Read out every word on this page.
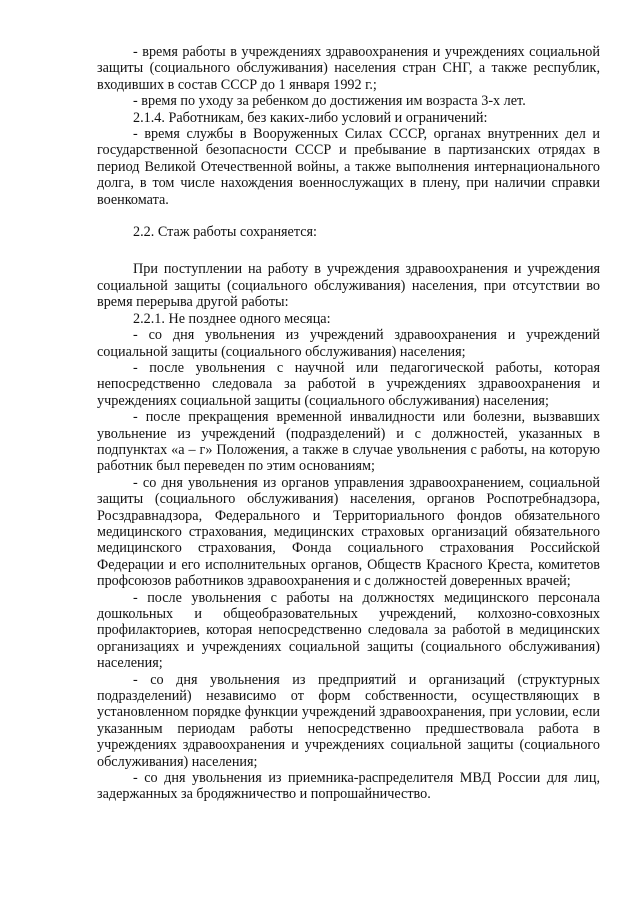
- время работы в учреждениях здравоохранения и учреждениях социальной защиты (социального обслуживания) населения стран СНГ, а также республик, входивших в состав СССР до 1 января 1992 г.;

- время по уходу за ребенком до достижения им возраста 3-х лет.

2.1.4. Работникам, без каких-либо условий и ограничений:

- время службы в Вооруженных Силах СССР, органах внутренних дел и государственной безопасности СССР и пребывание в партизанских отрядах в период Великой Отечественной войны, а также выполнения интернационального долга, в том числе нахождения военнослужащих в плену, при наличии справки военкомата.

2.2. Стаж работы сохраняется:

При поступлении на работу в учреждения здравоохранения и учреждения социальной защиты (социального обслуживания) населения, при отсутствии во время перерыва другой работы:

2.2.1. Не позднее одного месяца:

- со дня увольнения из учреждений здравоохранения и учреждений социальной защиты (социального обслуживания) населения;

- после увольнения с научной или педагогической работы, которая непосредственно следовала за работой в учреждениях здравоохранения и учреждениях социальной защиты (социального обслуживания) населения;

- после прекращения временной инвалидности или болезни, вызвавших увольнение из учреждений (подразделений) и с должностей, указанных в подпунктах «а – г» Положения, а также в случае увольнения с работы, на которую работник был переведен по этим основаниям;

- со дня увольнения из органов управления здравоохранением, социальной защиты (социального обслуживания) населения, органов Роспотребнадзора, Росздравнадзора, Федерального и Территориального фондов обязательного медицинского страхования, медицинских страховых организаций обязательного медицинского страхования, Фонда социального страхования Российской Федерации и его исполнительных органов, Обществ Красного Креста, комитетов профсоюзов работников здравоохранения и с должностей доверенных врачей;

- после увольнения с работы на должностях медицинского персонала дошкольных и общеобразовательных учреждений, колхозно-совхозных профилакториев, которая непосредственно следовала за работой в медицинских организациях и учреждениях социальной защиты (социального обслуживания) населения;

- со дня увольнения из предприятий и организаций (структурных подразделений) независимо от форм собственности, осуществляющих в установленном порядке функции учреждений здравоохранения, при условии, если указанным периодам работы непосредственно предшествовала работа в учреждениях здравоохранения и учреждениях социальной защиты (социального обслуживания) населения;

- со дня увольнения из приемника-распределителя МВД России для лиц, задержанных за бродяжничество и попрошайничество.
